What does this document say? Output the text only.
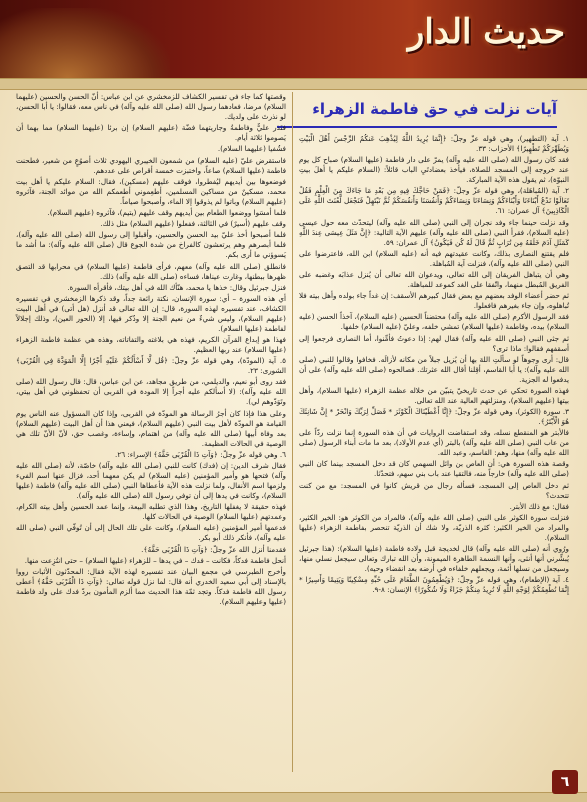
حديث الدار
آيات نزلت في حق فاطمة الزهراء

١. آية (التطهير)، وهي قوله عزّ وجلّ: ﴿إِنَّمَا يُرِيدُ اللَّهُ لِيُذْهِبَ عَنكُمُ الرِّجْسَ أَهْلَ الْبَيْتِ وَيُطَهِّرَكُمْ تَطْهِيرًا﴾ الأحزاب: ٣٣.

فقد كان رسول الله (صلى الله عليه وآله) يمرّ على دار فاطمة (عليها السلام) صباح كل يوم عند خروجه إلى المسجد للصلاة، فيأخذ بعضادتَيِ الباب قائلاً: (السلام عليكم يا أهلَ بيتِ النبوّة)، ثم يقول هذه الآية المباركة.

٢. آية (المُباهَلة)، وهي قوله عزّ وجلّ: ﴿فَمَنْ حَاجَّكَ فِيهِ مِن بَعْدِ مَا جَاءَكَ مِنَ الْعِلْمِ فَقُلْ تَعَالَوْا نَدْعُ أَبْنَاءَنَا وَأَبْنَاءَكُمْ وَنِسَاءَنَا وَنِسَاءَكُمْ وَأَنفُسَنَا وَأَنفُسَكُمْ ثُمَّ نَبْتَهِلْ فَنَجْعَل لَّعْنَتَ اللَّهِ عَلَى الْكَاذِبِينَ﴾ آل عمران: ٦١.

وقد نزلت حينما جاء وفد نجران إلى النبي (صلى الله عليه وآله) ليتحدّث معه حول عيسى (عليه السلام)، فقرأ النبي (صلى الله عليه وآله) عليهم الآية التالية: ﴿إِنَّ مَثَلَ عِيسَى عِندَ اللَّهِ كَمَثَلِ آدَمَ خَلَقَهُ مِن تُرَابٍ ثُمَّ قَالَ لَهُ كُن فَيَكُونُ﴾ آل عمران: ٥٩.

فلم يقتنع النصارى بذلك، وكانت عقيدتهم فيه أنه (عليه السلام) ابن الله، فاعترضوا على النبي (صلى الله عليه وآله)، فنزلت آية المُباهلة.

وهي أن يتباهل الفريقان إلى الله تعالى، ويدعوان الله تعالى أن يُنزل عذابَه وغضبه على الفريق المُبطل منهما، واتّفقا على الغد كموعد للمباهلة.

ثم حضر أعضاء الوفد بعضهم مع بعض فقال كبيرهم الأسقف: إن غداً جاء بولده وأهل بيته فلا تُباهلوه، وإن جاء بغيرهم فافعلوا.

فقد الرسول الأكرم (صلى الله عليه وآله) محتضناً الحسين (عليه السلام)، آخذاً الحسن (عليه السلام) بيده، وفاطمة (عليها السلام) تمشي خلفه، وعليّ (عليه السلام) خلفها.

ثم جثى النبي (صلى الله عليه وآله) فقال لهم: إذا دعوتُ فأمِّنوا، أما النصارى فرجعوا إلى أسقفهم فقالوا: ماذا ترى؟

قال: أرى وجوهاً لو سألَتِ اللهَ بها أن يُزيل جبلاً من مكانه لأزالَه. فخافوا وقالوا للنبي (صلى الله عليه وآله): يا أبا القاسم، أقِلنا أقال الله عثرتك. فصالحوه (صلى الله عليه وآله) على أن يدفعوا له الجزية.

فهذه الصورة تحكي عن حدث تاريخيّ يتبيّن من خلاله عظمة الزهراء (عليها السلام)، وأهل بيتها (عليهم السلام)، ومنزلتهم العالية عند الله تعالى.

٣. سورة (الكوثر)، وهي قوله عزّ وجلّ: ﴿إِنَّا أَعْطَيْنَاكَ الْكَوْثَرَ * فَصَلِّ لِرَبِّكَ وَانْحَرْ * إِنَّ شَانِئَكَ هُوَ الْأَبْتَرُ﴾.

فالأبتر هو المنقطع نسله، وقد استفاضت الروايات في أن هذه السورة إنما نزلت ردّاً على من عاب النبي (صلى الله عليه وآله) بالبتر (أي عدم الأولاد)، بعد ما مات أبناء الرسول (صلى الله عليه وآله) منها، وهم: القاسم، وعبد الله.

وقصة هذه السورة هي: أن العاص بن وائل السهمي كان قد دخل المسجد بينما كان النبي (صلى الله عليه وآله) خارجاً منه، فالتقيا عند باب بني سهم، فتحدّثا.

ثم دخل العاص إلى المسجد، فسأله رجال من قريش كانوا في المسجد: مع من كنت تتحدث؟

فقال: مع ذلك الأبتر.

فنزلت سورة الكوثر على النبي (صلى الله عليه وآله)، فالمراد من الكوثر هو: الخير الكثير، والمراد من الخير الكثير: كثرة الذريّة، ولا شك أن الذريّة تنحصر بفاطمة الزهراء (عليها السلام).

ورُوي أنه (صلى الله عليه وآله) قال لخديجة قبل ولادة فاطمة (عليها السلام): (هذا جبرئيل يُبشِّرني أنها أنثى، وأنها النسمة الطاهرة الميمونة، وأن الله تبارك وتعالى سيجعل نسلي منها، وسيجعل من نسلها أئمة، ويجعلهم خلفاءه في أرضه بعد انقضاء وحيه).

٤. آية (الإطعام)، وهي قوله عزّ وجلّ: ﴿وَيُطْعِمُونَ الطَّعَامَ عَلَى حُبِّهِ مِسْكِينًا وَيَتِيمًا وَأَسِيرًا * إِنَّمَا نُطْعِمُكُمْ لِوَجْهِ اللَّهِ لَا نُرِيدُ مِنكُمْ جَزَاءً وَلَا شُكُورًا﴾ الإنسان: ٨-٩.

وقصتها كما جاء في تفسير الكشاف للزمخشري عن ابن عباس: أنّ الحسن والحسين (عليهما السلام) مرضا، فعادهما رسول الله (صلى الله عليه وآله) في ناس معه، فقالوا: يا أبا الحسن، لو نذرتَ على ولديك.

فنَذر عليٌّ وفاطمةُ وجاريتهما فضّة (عليهم السلام) إن برئا (عليهما السلام) مما بهما أن يَصوموا ثلاثة أيام.

فشُفيا (عليهما السلام).

فاستقرض عليّ (عليه السلام) من شمعون الخيبري اليهودي ثلاث أصوُعٍ من شعير، فطحنت فاطمة (عليها السلام) صاعاً، واختبزت خمسة أقراص على عددهم.

فوضعوها بين أيديهم ليُفطروا، فوقف عليهم (مسكين)، فقال: السلام عليكم يا أهل بيت محمد، مسكينٌ من مساكين المسلمين، أطعِموني أطعمكم الله من موائد الجنة، فآثروه (عليهم السلام) وباتوا لم يذوقوا إلا الماء، وأصبحوا صياماً.

فلما أمسَوا ووضعوا الطعام بين أيديهم وقف عليهم (يتيم)، فآثروه (عليهم السلام).

وقف عليهم (أسيرٌ) في الثالثة، ففعلوا (عليهم السلام) مثل ذلك.

فلما أصبحوا أخذ عليّ بيد الحسن والحسين، وأقبلوا إلى رسول الله (صلى الله عليه وآله)، فلما أبصرهم وهم يرتعشون كالفراخ من شدة الجوع قال (صلى الله عليه وآله): ما أشد ما يَسوؤني ما أرى بكم.

فانطلق (صلى الله عليه وآله) معهم، فرأى فاطمة (عليها السلام) في محرابها قد التصق ظهرها ببطنها، وغارت عيناها، فساءه (صلى الله عليه وآله) ذلك.

فنزل جبرئيل وقال: خذها يا محمد، هنّأك الله في أهل بيتك، فأقرأه السورة.

أي هذه السورة – أي: سورة الإنسان، نكتة رائعة جداً، وقد ذكرها الزمخشري في تفسيره الكشاف، عند تفسيره لهذه السورة، قال: إن الله تعالى قد أنزل (هل أتى) في أهل البيت (عليهم السلام)، وليس شيءٌ من نعيم الجنة إلا وذُكر فيها، إلا (الحور العين)، وذلك إجلالاً لفاطمة (عليها السلام).

فهذا هو إبداع القرآن الكريم، فهذه هي بلاغته والتفاتاته، وهذه هي عظمة فاطمة الزهراء (عليها السلام) عند ربها العظيم.

٥. آية (المودّة)، وهي قوله عزّ وجلّ: ﴿قُل لَّا أَسْأَلُكُمْ عَلَيْهِ أَجْرًا إِلَّا الْمَوَدَّةَ فِي الْقُرْبَى﴾ الشورى: ٢٣.

فقد روى أبو نعيم، والديلمي، من طريق مجاهد، عن ابن عباس، قال: قال رسول الله (صلى الله عليه وآله): (لا أسألكم عليه أجراً إلا المودة في القربى أن تحفظوني في أهل بيتي، وتَوَدّوهم لي).

وعلى هذا فإذا كان أجرُ الرسالة هو المودّة في القربى، وإذا كان المسؤول عنه الناس يوم القيامة هو المودّة لأهل بيت النبي (عليهم السلام)، فيعني هذا أن أهل البيت (عليهم السلام) بعد وفاة أبيها (صلى الله عليه وآله) من اهتمام، وإساءة، وغصب حق، لأنّ الأنّ تلك هي الوصية في الحالات العظيمة.

٦. وهي قوله عزّ وجلّ: ﴿وَآتِ ذَا الْقُرْبَى حَقَّهُ﴾ الإسراء: ٢٦.

فقال شرف الدين: إن (فدك) كانت للنبي (صلى الله عليه وآله) خاصّة، لأنه (صلى الله عليه وآله) فتحها هو وأمير المؤمنين (عليه السلام) لم يكن معهما أحد، فزال عنها اسم الفيء ولزمها اسم الأنفال، ولما نزلت هذه الآية فأعطاها النبي (صلى الله عليه وآله) فاطمة (عليها السلام)، وكانت في يدها إلى أن توفي رسول الله (صلى الله عليه وآله).

فهذه حقيقة لا يغفلها التاريخ، وهذا الذي تطلبه البيعة، وإنما عمد الحسين وأهل بيته الكرام، وعمدتهم (عليها السلام) الوصية في الحالات كلها.

فدعمها أمير المؤمنين (عليه السلام)، وكانت على تلك الحال إلى أن تُوفّي النبي (صلى الله عليه وآله)، فأنكر ذلك أبو بكر.

فقدمنا أنزل الله عزّ وجلّ: ﴿وَآتِ ذَا الْقُرْبَى حَقَّهُ﴾.

أنحل فاطمة فدكاً، فكانت – فدك – في يدها – للزهراء (عليها السلام) – حتى انتُزِعت منها.

وأخرج الطبرسي في مجمع البيان عند تفسيره لهذه الآية فقال: المحدّثون الأثبات رووا بالإسناد إلى أبي سعيد الخدري أنه قال: لما نزل قوله تعالى: ﴿وَآتِ ذَا الْقُرْبَى حَقَّهُ﴾ أعطى رسول الله فاطمة فدكاً. وتجد ثمّة هذا الحديث مما ألزم المأمون بردّ فدك على ولد فاطمة (عليها وعليهم السلام).

٦
